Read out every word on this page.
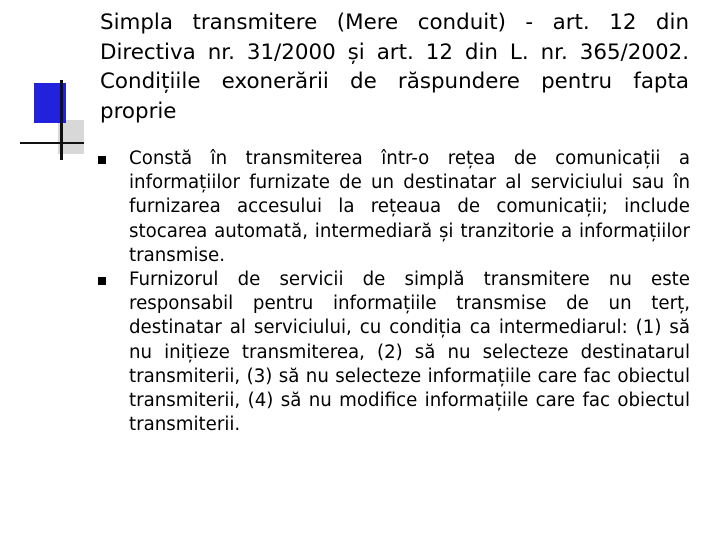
Simpla transmitere (Mere conduit) - art. 12 din Directiva nr. 31/2000 și art. 12 din L. nr. 365/2002. Condițiile exonerării de răspundere pentru fapta proprie
Constă în transmiterea într-o rețea de comunicații a informațiilor furnizate de un destinatar al serviciului sau în furnizarea accesului la rețeaua de comunicații; include stocarea automată, intermediară și tranzitorie a informațiilor transmise.
Furnizorul de servicii de simplă transmitere nu este responsabil pentru informațiile transmise de un terț, destinatar al serviciului, cu condiția ca intermediarul: (1) să nu inițieze transmiterea, (2) să nu selecteze destinatarul transmiterii, (3) să nu selecteze informațiile care fac obiectul transmiterii, (4) să nu modifice informațiile care fac obiectul transmiterii.
